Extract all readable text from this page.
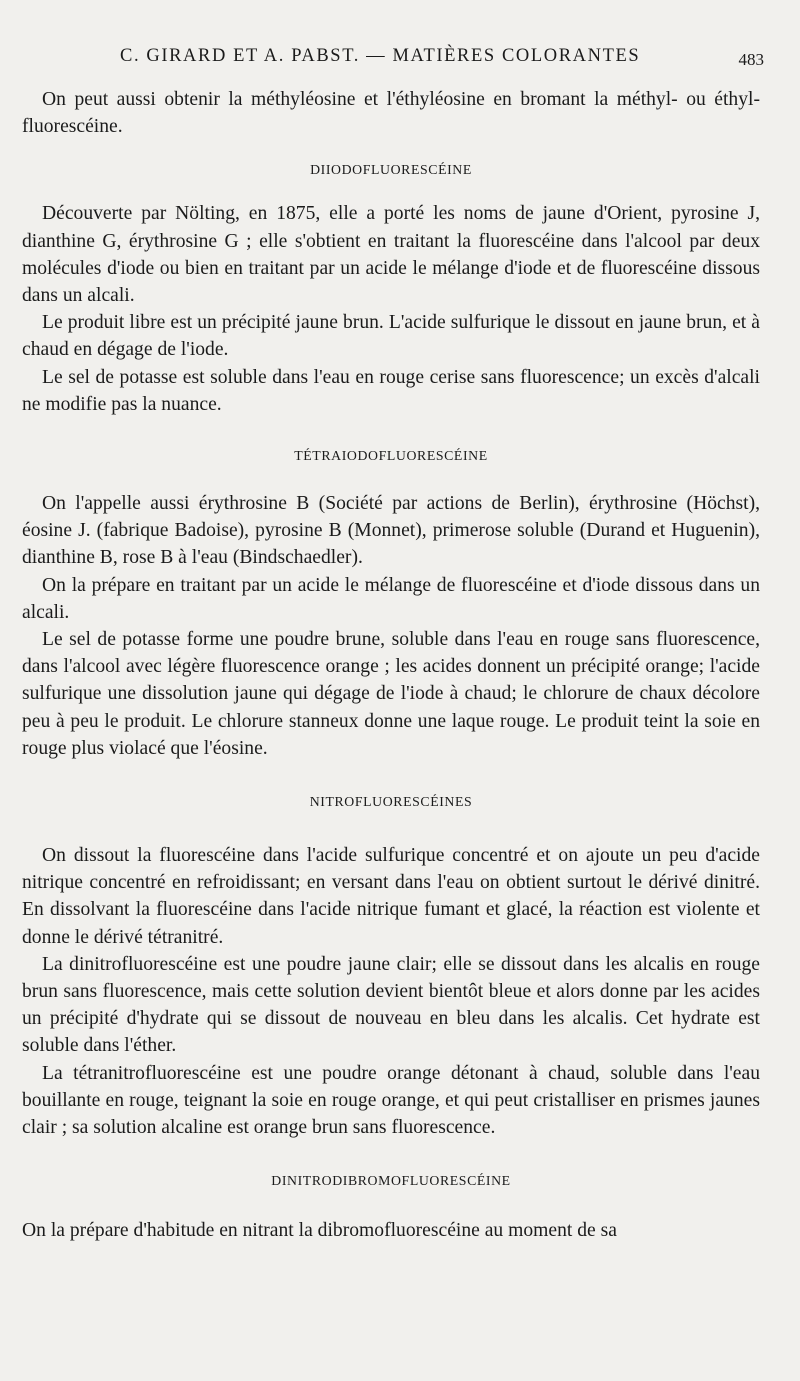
C. GIRARD ET A. PABST. — MATIÈRES COLORANTES	483

On peut aussi obtenir la méthyléosine et l'éthyléosine en bromant la méthyl- ou éthyl-fluorescéine.

DIIODOFLUORESCÉINE

Découverte par Nölting, en 1875, elle a porté les noms de jaune d'Orient, pyrosine J, dianthine G, érythrosine G ; elle s'obtient en traitant la fluorescéine dans l'alcool par deux molécules d'iode ou bien en traitant par un acide le mélange d'iode et de fluorescéine dissous dans un alcali.

Le produit libre est un précipité jaune brun. L'acide sulfurique le dissout en jaune brun, et à chaud en dégage de l'iode.

Le sel de potasse est soluble dans l'eau en rouge cerise sans fluorescence; un excès d'alcali ne modifie pas la nuance.

TÉTRAIODOFLUORESCÉINE

On l'appelle aussi érythrosine B (Société par actions de Berlin), érythrosine (Höchst), éosine J. (fabrique Badoise), pyrosine B (Monnet), primerose soluble (Durand et Huguenin), dianthine B, rose B à l'eau (Bindschaedler).

On la prépare en traitant par un acide le mélange de fluorescéine et d'iode dissous dans un alcali.

Le sel de potasse forme une poudre brune, soluble dans l'eau en rouge sans fluorescence, dans l'alcool avec légère fluorescence orange ; les acides donnent un précipité orange; l'acide sulfurique une dissolution jaune qui dégage de l'iode à chaud; le chlorure de chaux décolore peu à peu le produit. Le chlorure stanneux donne une laque rouge. Le produit teint la soie en rouge plus violacé que l'éosine.

NITROFLUORESCÉINES

On dissout la fluorescéine dans l'acide sulfurique concentré et on ajoute un peu d'acide nitrique concentré en refroidissant; en versant dans l'eau on obtient surtout le dérivé dinitré. En dissolvant la fluorescéine dans l'acide nitrique fumant et glacé, la réaction est violente et donne le dérivé tétranitré.

La dinitrofluorescéine est une poudre jaune clair; elle se dissout dans les alcalis en rouge brun sans fluorescence, mais cette solution devient bientôt bleue et alors donne par les acides un précipité d'hydrate qui se dissout de nouveau en bleu dans les alcalis. Cet hydrate est soluble dans l'éther.

La tétranitrofluorescéine est une poudre orange détonant à chaud, soluble dans l'eau bouillante en rouge, teignant la soie en rouge orange, et qui peut cristalliser en prismes jaunes clair ; sa solution alcaline est orange brun sans fluorescence.

DINITRODIBROMOFLUORESCÉINE

On la prépare d'habitude en nitrant la dibromofluorescéine au moment de sa
